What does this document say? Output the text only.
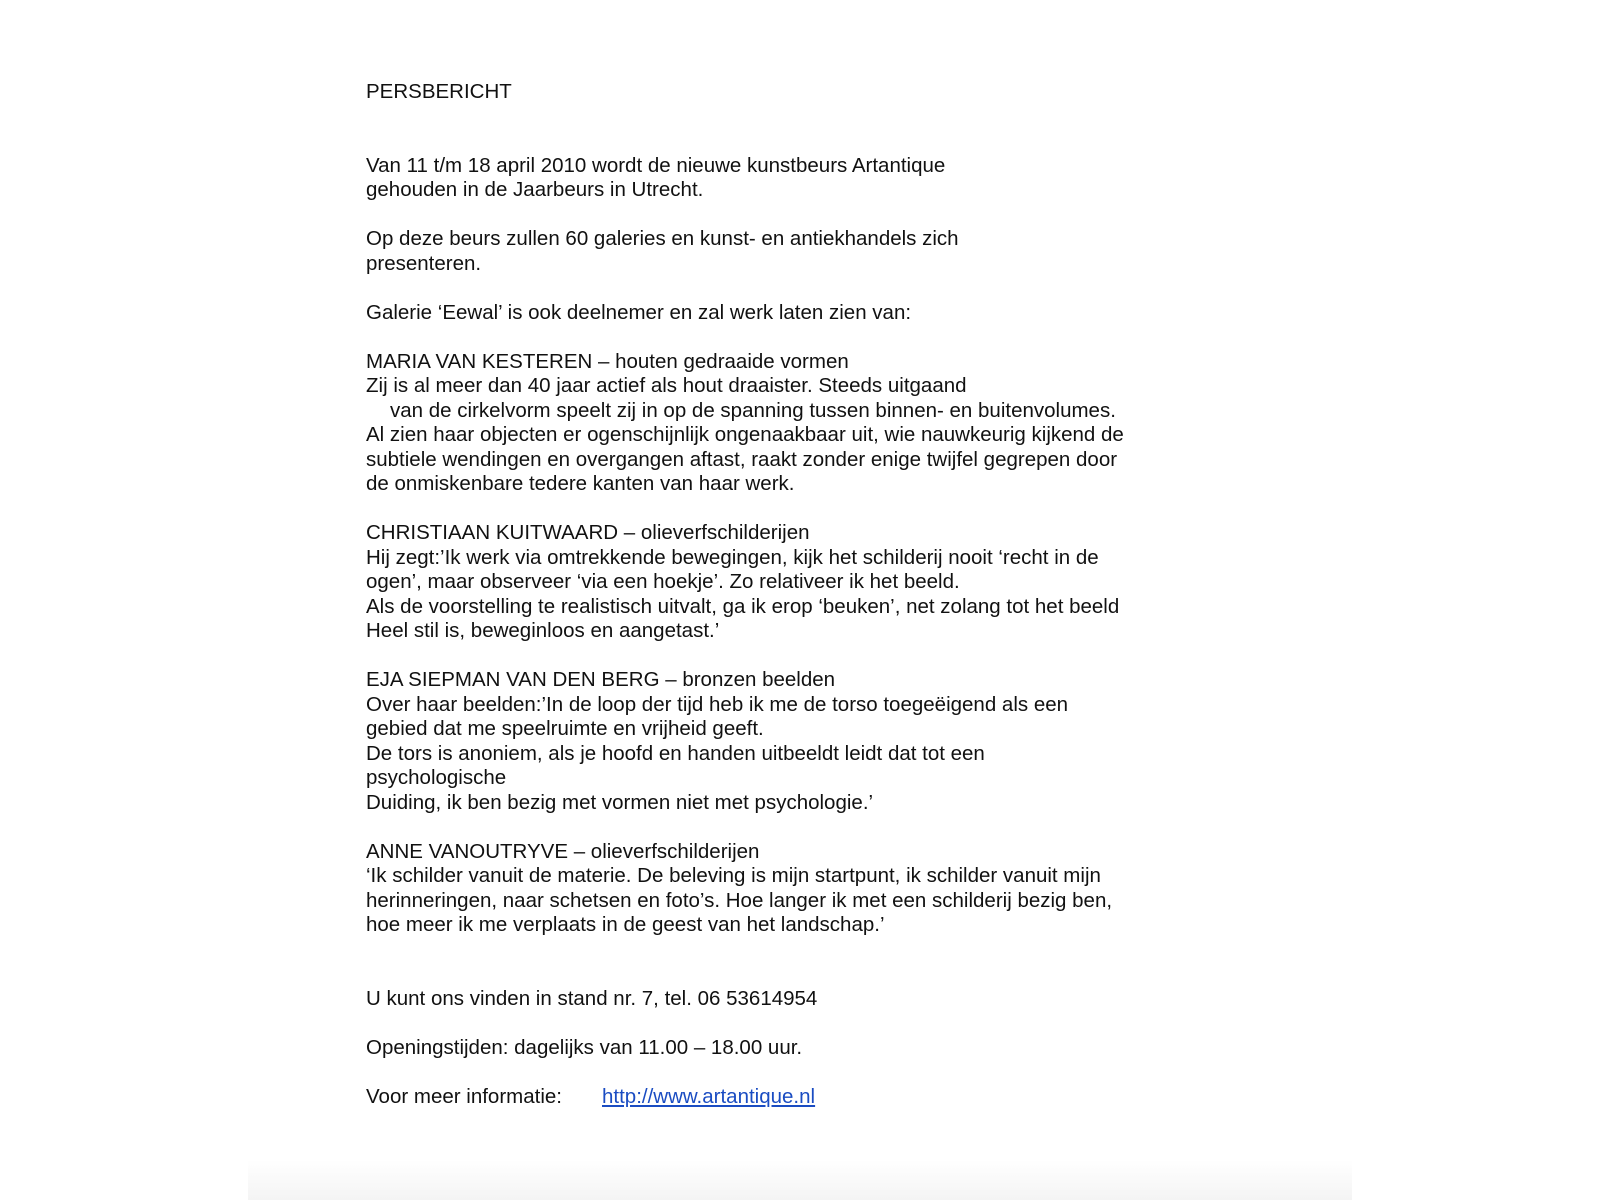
PERSBERICHT
Van 11 t/m 18 april 2010 wordt de nieuwe kunstbeurs Artantique
gehouden in de Jaarbeurs in Utrecht.
Op deze beurs zullen 60 galeries en kunst- en antiekhandels zich
presenteren.
Galerie ‘Eewal’ is ook deelnemer en zal werk laten zien van:
MARIA VAN KESTEREN – houten gedraaide vormen
Zij is al meer dan 40 jaar actief als hout draaister. Steeds uitgaand
van de cirkelvorm speelt zij in op de spanning tussen binnen- en buitenvolumes.
Al zien haar objecten er ogenschijnlijk ongenaakbaar uit, wie nauwkeurig kijkend de
subtiele wendingen en overgangen aftast, raakt zonder enige twijfel gegrepen door
de onmiskenbare tedere kanten van haar werk.
CHRISTIAAN KUITWAARD – olieverfschilderijen
Hij zegt:’Ik werk via omtrekkende bewegingen, kijk het schilderij nooit ‘recht in de
ogen’, maar observeer ‘via een hoekje’. Zo relativeer ik het beeld.
Als de voorstelling te realistisch uitvalt, ga ik erop ‘beuken’, net zolang tot het beeld
Heel stil is, beweginloos en aangetast.’
EJA SIEPMAN VAN DEN BERG – bronzen beelden
Over haar beelden:’In de loop der tijd heb ik me de torso toegeëigend als een
gebied dat me speelruimte en vrijheid geeft.
De tors is anoniem, als je hoofd en handen uitbeeldt leidt dat tot een
psychologische
Duiding, ik ben bezig met vormen niet met psychologie.’
ANNE VANOUTRYVE – olieverfschilderijen
‘Ik schilder vanuit de materie. De beleving is mijn startpunt, ik schilder vanuit mijn
herinneringen, naar schetsen en foto’s. Hoe langer ik met een schilderij bezig ben,
hoe meer ik me verplaats in de geest van het landschap.’
U kunt ons vinden in stand nr. 7, tel. 06 53614954
Openingstijden: dagelijks van 11.00 – 18.00 uur.
Voor meer informatie: http://www.artantique.nl
